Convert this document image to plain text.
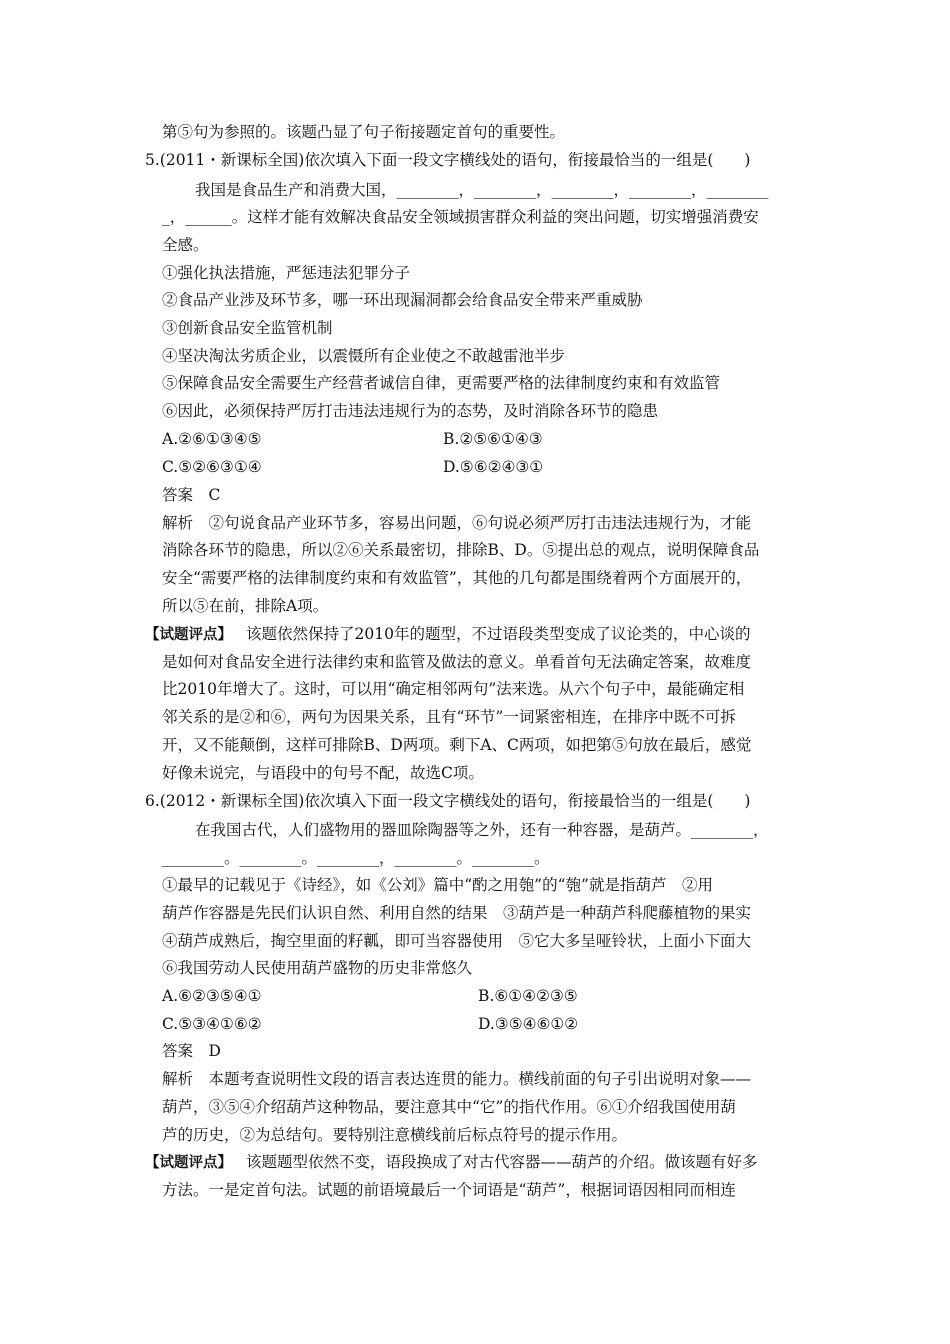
第⑤句为参照的。该题凸显了句子衔接题定首句的重要性。
5.(2011・新课标全国)依次填入下面一段文字横线处的语句，衔接最恰当的一组是(　　)
我国是食品生产和消费大国，________，________，________，________，________
_，______。这样才能有效解决食品安全领域损害群众利益的突出问题，切实增强消费安
全感。
①强化执法措施，严惩违法犯罪分子
②食品产业涉及环节多，哪一环出现漏洞都会给食品安全带来严重威胁
③创新食品安全监管机制
④坚决淘汰劣质企业，以震慑所有企业使之不敢越雷池半步
⑤保障食品安全需要生产经营者诚信自律，更需要严格的法律制度约束和有效监管
⑥因此，必须保持严厉打击违法违规行为的态势，及时消除各环节的隐患
A.②⑥①③④⑤	B.②⑤⑥①④③
C.⑤②⑥③①④	D.⑤⑥②④③①
答案　C
解析　②句说食品产业环节多，容易出问题，⑥句说必须严厉打击违法违规行为，才能
消除各环节的隐患，所以②⑥关系最密切，排除B、D。⑤提出总的观点，说明保障食品
安全“需要严格的法律制度约束和有效监管”，其他的几句都是围绕着两个方面展开的，
所以⑤在前，排除A项。
【试题评点】 该题依然保持了2010年的题型，不过语段类型变成了议论类的，中心谈的
是如何对食品安全进行法律约束和监管及做法的意义。单看首句无法确定答案，故难度
比2010年增大了。这时，可以用“确定相邻两句”法来选。从六个句子中，最能确定相
邻关系的是②和⑥，两句为因果关系，且有“环节”一词紧密相连，在排序中既不可拆
开，又不能颠倒，这样可排除B、D两项。剩下A、C两项，如把第⑤句放在最后，感觉
好像未说完，与语段中的句号不配，故选C项。
6.(2012・新课标全国)依次填入下面一段文字横线处的语句，衔接最恰当的一组是(　　)
在我国古代，人们盛物用的器皿除陶器等之外，还有一种容器，是葫芦。________，
________。________。________，________。________。
①最早的记载见于《诗经》，如《公刘》篇中“酌之用匏”的“匏”就是指葫芦　②用
葫芦作容器是先民们认识自然、利用自然的结果　③葫芦是一种葫芦科爬藤植物的果实
④葫芦成熟后，掏空里面的籽瓤，即可当容器使用　⑤它大多呈哑铃状，上面小下面大
⑥我国劳动人民使用葫芦盛物的历史非常悠久
A.⑥②③⑤④①	B.⑥①④②③⑤
C.⑤③④①⑥②	D.③⑤④⑥①②
答案　D
解析　本题考查说明性文段的语言表达连贯的能力。横线前面的句子引出说明对象——
葫芦，③⑤④介绍葫芦这种物品，要注意其中“它”的指代作用。⑥①介绍我国使用葫
芦的历史，②为总结句。要特别注意横线前后标点符号的提示作用。
【试题评点】 该题题型依然不变，语段换成了对古代容器——葫芦的介绍。做该题有好多
方法。一是定首句法。试题的前语境最后一个词语是“葫芦”，根据词语因相同而相连
